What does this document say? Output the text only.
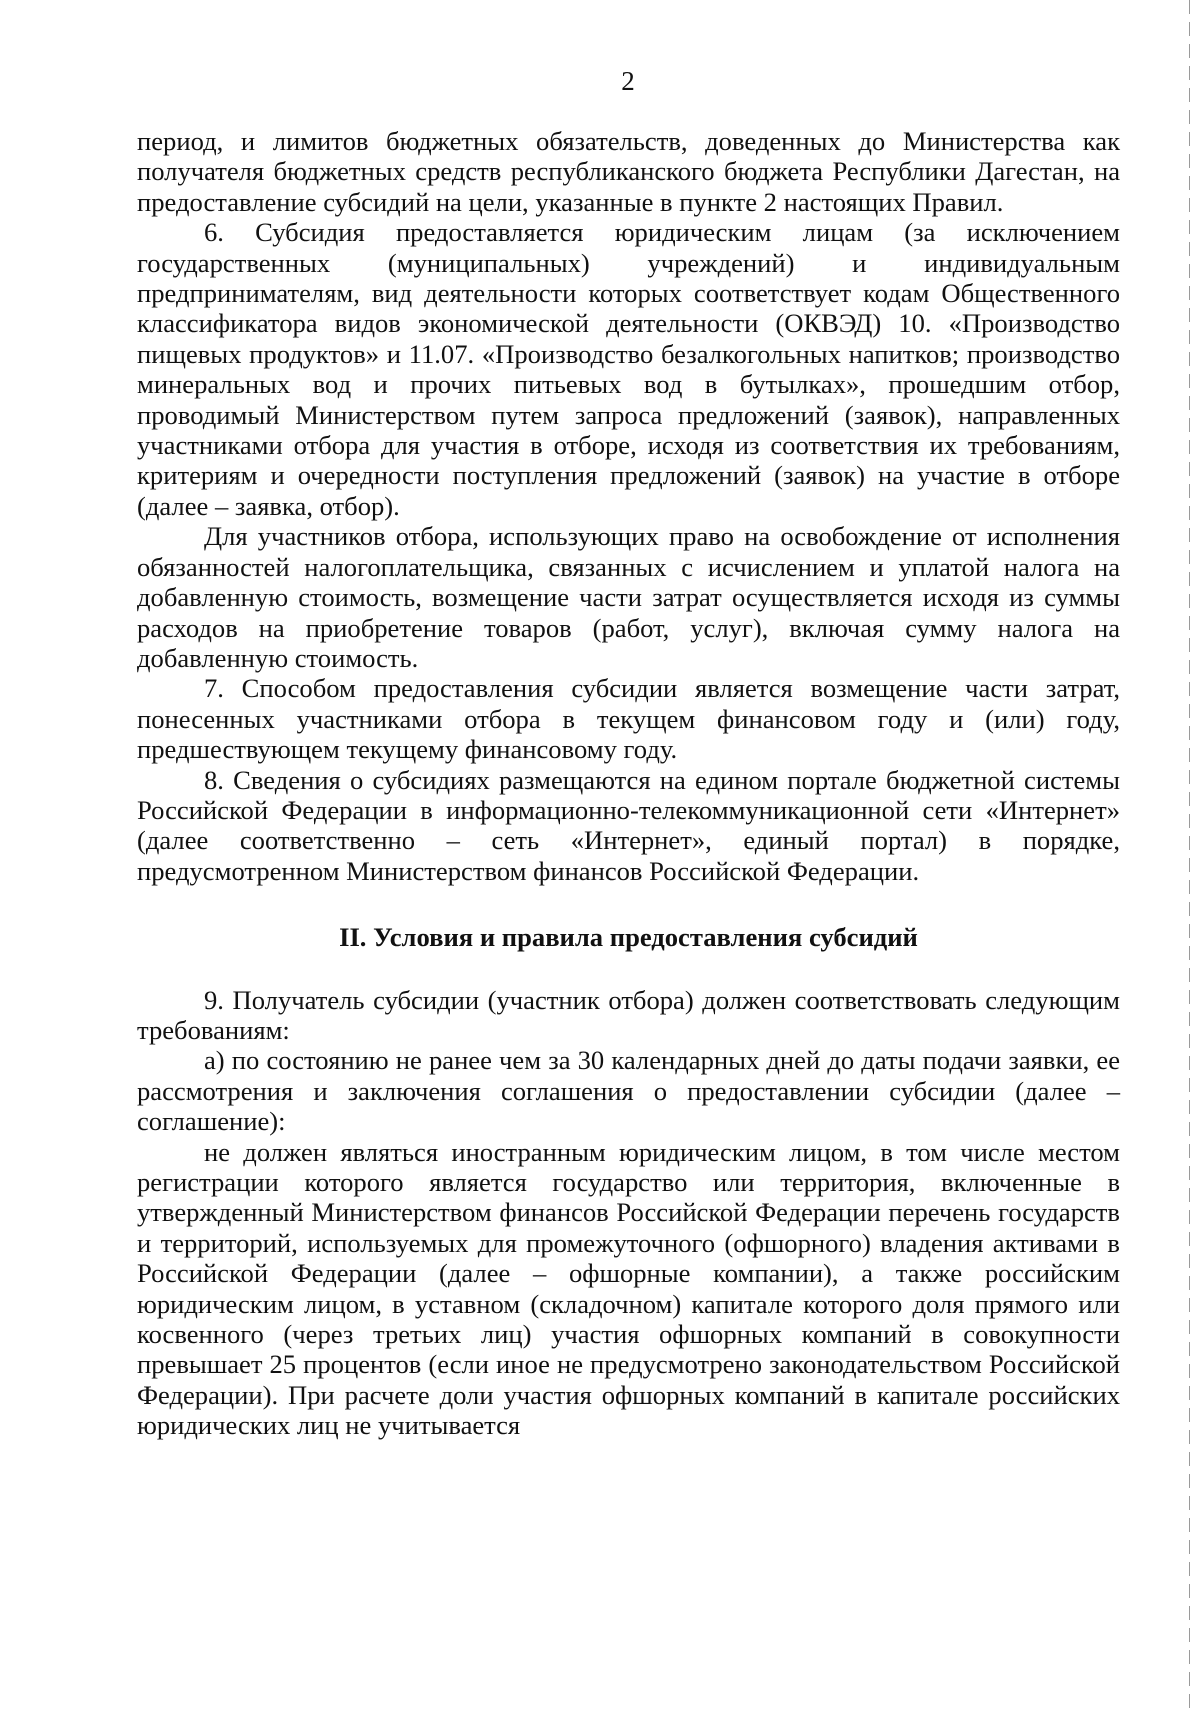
2

период, и лимитов бюджетных обязательств, доведенных до Министерства как получателя бюджетных средств республиканского бюджета Республики Дагестан, на предоставление субсидий на цели, указанные в пункте 2 настоящих Правил.

6. Субсидия предоставляется юридическим лицам (за исключением государственных (муниципальных) учреждений) и индивидуальным предпринимателям, вид деятельности которых соответствует кодам Общественного классификатора видов экономической деятельности (ОКВЭД) 10. «Производство пищевых продуктов» и 11.07. «Производство безалкогольных напитков; производство минеральных вод и прочих питьевых вод в бутылках», прошедшим отбор, проводимый Министерством путем запроса предложений (заявок), направленных участниками отбора для участия в отборе, исходя из соответствия их требованиям, критериям и очередности поступления предложений (заявок) на участие в отборе (далее – заявка, отбор).

Для участников отбора, использующих право на освобождение от исполнения обязанностей налогоплательщика, связанных с исчислением и уплатой налога на добавленную стоимость, возмещение части затрат осуществляется исходя из суммы расходов на приобретение товаров (работ, услуг), включая сумму налога на добавленную стоимость.

7. Способом предоставления субсидии является возмещение части затрат, понесенных участниками отбора в текущем финансовом году и (или) году, предшествующем текущему финансовому году.

8. Сведения о субсидиях размещаются на едином портале бюджетной системы Российской Федерации в информационно-телекоммуникационной сети «Интернет» (далее соответственно – сеть «Интернет», единый портал) в порядке, предусмотренном Министерством финансов Российской Федерации.

II. Условия и правила предоставления субсидий

9. Получатель субсидии (участник отбора) должен соответствовать следующим требованиям:

а) по состоянию не ранее чем за 30 календарных дней до даты подачи заявки, ее рассмотрения и заключения соглашения о предоставлении субсидии (далее – соглашение):

не должен являться иностранным юридическим лицом, в том числе местом регистрации которого является государство или территория, включенные в утвержденный Министерством финансов Российской Федерации перечень государств и территорий, используемых для промежуточного (офшорного) владения активами в Российской Федерации (далее – офшорные компании), а также российским юридическим лицом, в уставном (складочном) капитале которого доля прямого или косвенного (через третьих лиц) участия офшорных компаний в совокупности превышает 25 процентов (если иное не предусмотрено законодательством Российской Федерации). При расчете доли участия офшорных компаний в капитале российских юридических лиц не учитывается
